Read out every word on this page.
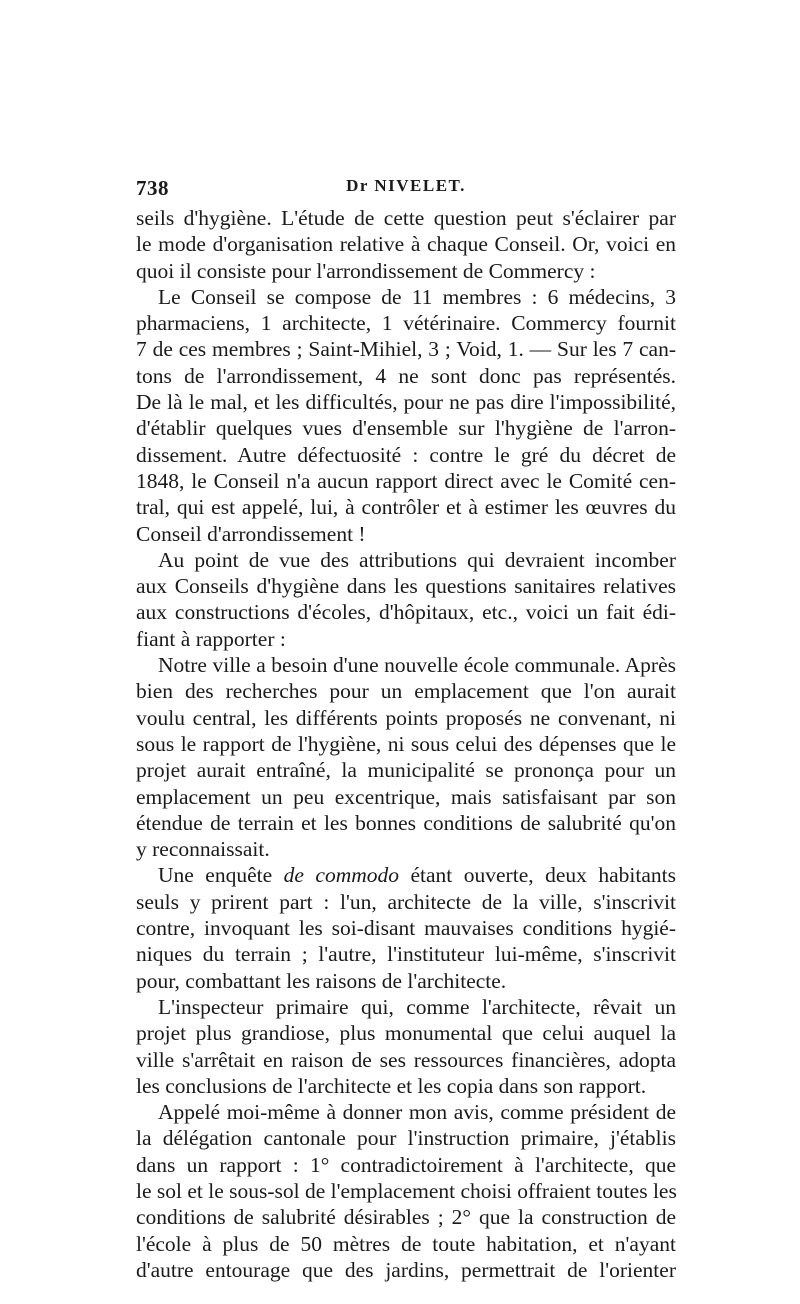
738	Dr NIVELET.
seils d'hygiène. L'étude de cette question peut s'éclairer par
le mode d'organisation relative à chaque Conseil. Or, voici en
quoi il consiste pour l'arrondissement de Commercy :
Le Conseil se compose de 11 membres : 6 médecins, 3
pharmaciens, 1 architecte, 1 vétérinaire. Commercy fournit
7 de ces membres ; Saint-Mihiel, 3 ; Void, 1. — Sur les 7 can-
tons de l'arrondissement, 4 ne sont donc pas représentés.
De là le mal, et les difficultés, pour ne pas dire l'impossibilité,
d'établir quelques vues d'ensemble sur l'hygiène de l'arron-
dissement. Autre défectuosité : contre le gré du décret de
1848, le Conseil n'a aucun rapport direct avec le Comité cen-
tral, qui est appelé, lui, à contrôler et à estimer les œuvres du
Conseil d'arrondissement !
Au point de vue des attributions qui devraient incomber
aux Conseils d'hygiène dans les questions sanitaires relatives
aux constructions d'écoles, d'hôpitaux, etc., voici un fait édi-
fiant à rapporter :
Notre ville a besoin d'une nouvelle école communale. Après
bien des recherches pour un emplacement que l'on aurait
voulu central, les différents points proposés ne convenant, ni
sous le rapport de l'hygiène, ni sous celui des dépenses que le
projet aurait entraîné, la municipalité se prononça pour un
emplacement un peu excentrique, mais satisfaisant par son
étendue de terrain et les bonnes conditions de salubrité qu'on
y reconnaissait.
Une enquête de commodo étant ouverte, deux habitants
seuls y prirent part : l'un, architecte de la ville, s'inscrivit
contre, invoquant les soi-disant mauvaises conditions hygié-
niques du terrain ; l'autre, l'instituteur lui-même, s'inscrivit
pour, combattant les raisons de l'architecte.
L'inspecteur primaire qui, comme l'architecte, rêvait un
projet plus grandiose, plus monumental que celui auquel la
ville s'arrêtait en raison de ses ressources financières, adopta
les conclusions de l'architecte et les copia dans son rapport.
Appelé moi-même à donner mon avis, comme président de
la délégation cantonale pour l'instruction primaire, j'établis
dans un rapport : 1° contradictoirement à l'architecte, que
le sol et le sous-sol de l'emplacement choisi offraient toutes les
conditions de salubrité désirables ; 2° que la construction de
l'école à plus de 50 mètres de toute habitation, et n'ayant
d'autre entourage que des jardins, permettrait de l'orienter
